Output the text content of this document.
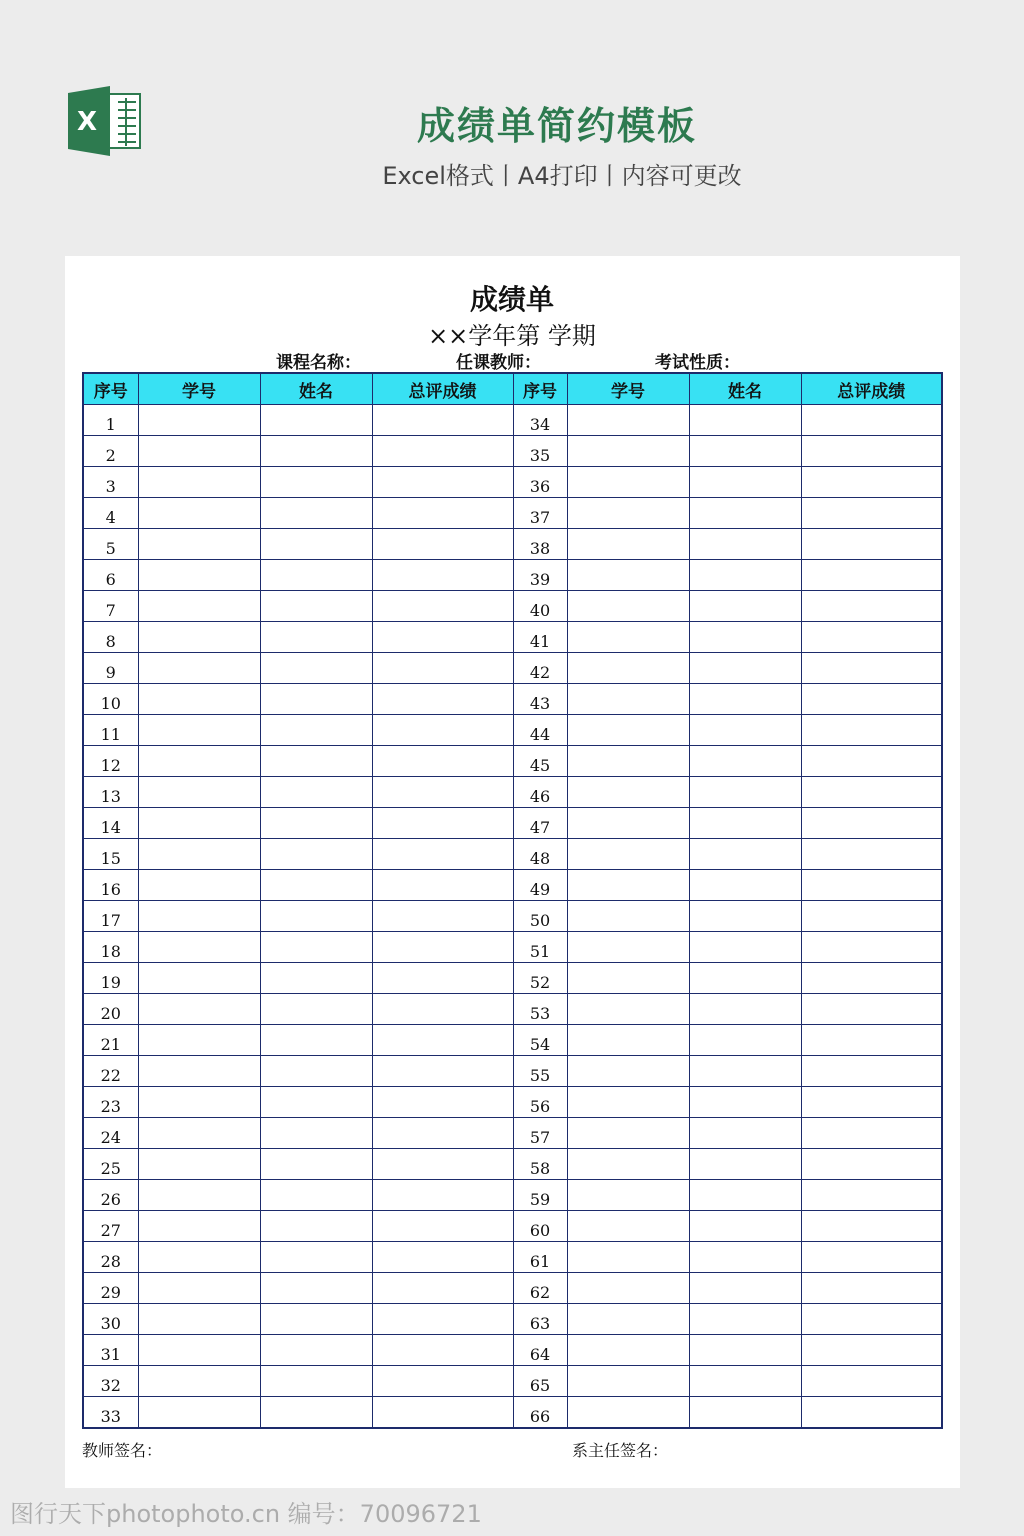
X	成绩单简约模板
Excel格式丨A4打印丨内容可更改
成绩单
××学年第 学期
课程名称：	任课教师：	考试性质：
序号	学号	姓名	总评成绩	序号	学号	姓名	总评成绩
1				34			
2				35			
3				36			
4				37			
5				38			
6				39			
7				40			
8				41			
9				42			
10				43			
11				44			
12				45			
13				46			
14				47			
15				48			
16				49			
17				50			
18				51			
19				52			
20				53			
21				54			
22				55			
23				56			
24				57			
25				58			
26				59			
27				60			
28				61			
29				62			
30				63			
31				64			
32				65			
33				66			
教师签名：	系主任签名：
图行天下photophoto.cn 编号：70096721
